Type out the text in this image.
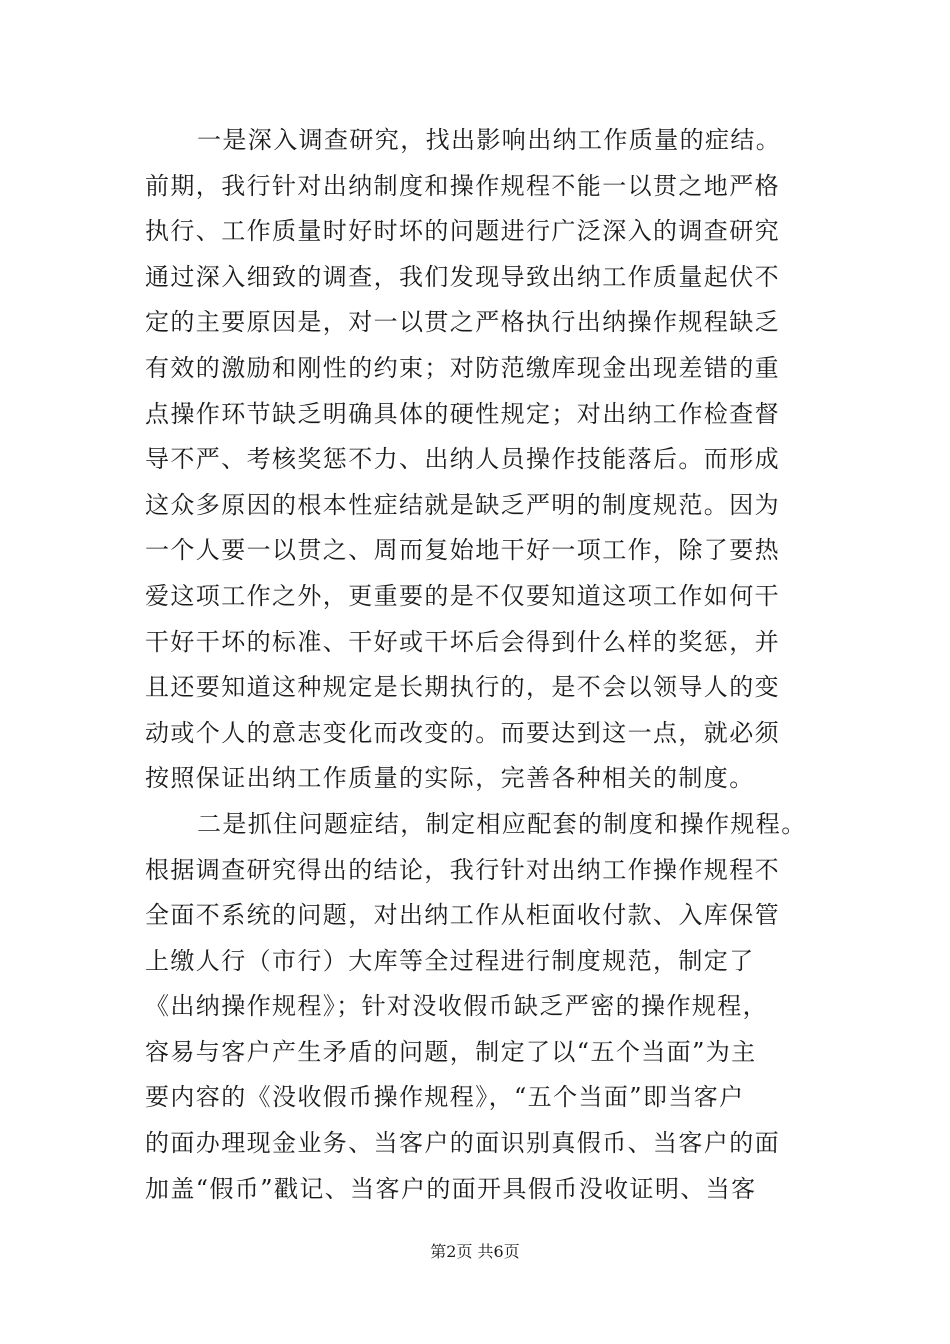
一是深入调查研究，找出影响出纳工作质量的症结。
前期，我行针对出纳制度和操作规程不能一以贯之地严格
执行、工作质量时好时坏的问题进行广泛深入的调查研究
通过深入细致的调查，我们发现导致出纳工作质量起伏不
定的主要原因是，对一以贯之严格执行出纳操作规程缺乏
有效的激励和刚性的约束；对防范缴库现金出现差错的重
点操作环节缺乏明确具体的硬性规定；对出纳工作检查督
导不严、考核奖惩不力、出纳人员操作技能落后。而形成
这众多原因的根本性症结就是缺乏严明的制度规范。因为
一个人要一以贯之、周而复始地干好一项工作，除了要热
爱这项工作之外，更重要的是不仅要知道这项工作如何干
干好干坏的标准、干好或干坏后会得到什么样的奖惩，并
且还要知道这种规定是长期执行的，是不会以领导人的变
动或个人的意志变化而改变的。而要达到这一点，就必须
按照保证出纳工作质量的实际，完善各种相关的制度。
二是抓住问题症结，制定相应配套的制度和操作规程。
根据调查研究得出的结论，我行针对出纳工作操作规程不
全面不系统的问题，对出纳工作从柜面收付款、入库保管
上缴人行（市行）大库等全过程进行制度规范，制定了
《出纳操作规程》；针对没收假币缺乏严密的操作规程，
容易与客户产生矛盾的问题，制定了以“五个当面”为主
要内容的《没收假币操作规程》，“五个当面”即当客户
的面办理现金业务、当客户的面识别真假币、当客户的面
加盖“假币”戳记、当客户的面开具假币没收证明、当客
第2页 共6页
